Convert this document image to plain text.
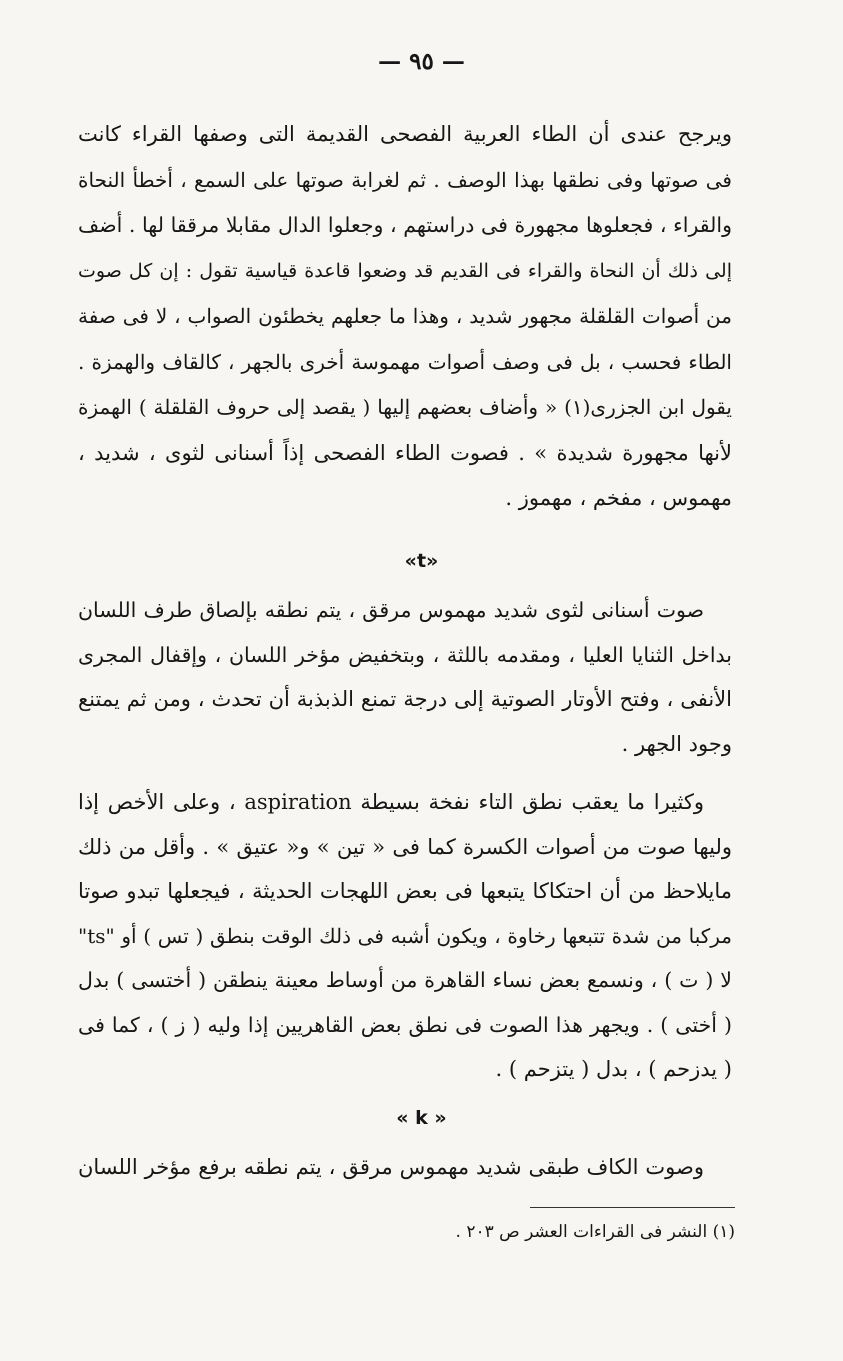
— ٩٥ —
ويرجح عندى أن الطاء العربية الفصحى القديمة التى وصفها القراء كانت
فى صوتها وفى نطقها بهذا الوصف . ثم لغرابة صوتها على السمع ، أخطأ النحاة
والقراء ، فجعلوها مجهورة فى دراستهم ، وجعلوا الدال مقابلا مرققا لها . أضف
إلى ذلك أن النحاة والقراء فى القديم قد وضعوا قاعدة قياسية تقول : إن كل صوت
من أصوات القلقلة مجهور شديد ، وهذا ما جعلهم يخطئون الصواب ، لا فى صفة
الطاء فحسب ، بل فى وصف أصوات مهموسة أخرى بالجهر ، كالقاف والهمزة .
يقول ابن الجزرى(١) « وأضاف بعضهم إليها ( يقصد إلى حروف القلقلة ) الهمزة
لأنها مجهورة شديدة » . فصوت الطاء الفصحى إذاً أسنانى لثوى ، شديد ،
مهموس ، مفخم ، مهموز .
«t»
صوت أسنانى لثوى شديد مهموس مرقق ، يتم نطقه بإلصاق طرف اللسان
بداخل الثنايا العليا ، ومقدمه باللثة ، وبتخفيض مؤخر اللسان ، وإقفال المجرى
الأنفى ، وفتح الأوتار الصوتية إلى درجة تمنع الذبذبة أن تحدث ، ومن ثم يمتنع
وجود الجهر .
وكثيرا ما يعقب نطق التاء نفخة بسيطة aspiration ، وعلى الأخص إذا
وليها صوت من أصوات الكسرة كما فى « تين » و« عتيق » . وأقل من ذلك
مايلاحظ من أن احتكاكا يتبعها فى بعض اللهجات الحديثة ، فيجعلها تبدو صوتا
مركبا من شدة تتبعها رخاوة ، ويكون أشبه فى ذلك الوقت بنطق ( تس ) أو "ts"
لا ( ت ) ، ونسمع بعض نساء القاهرة من أوساط معينة ينطقن ( أختسى ) بدل
( أختى ) . ويجهر هذا الصوت فى نطق بعض القاهريين إذا وليه ( ز ) ، كما فى
( يدزحم ) ، بدل ( يتزحم ) .
« k »
وصوت الكاف طبقى شديد مهموس مرقق ، يتم نطقه برفع مؤخر اللسان
(١) النشر فى القراءات العشر ص ٢٠٣ .
